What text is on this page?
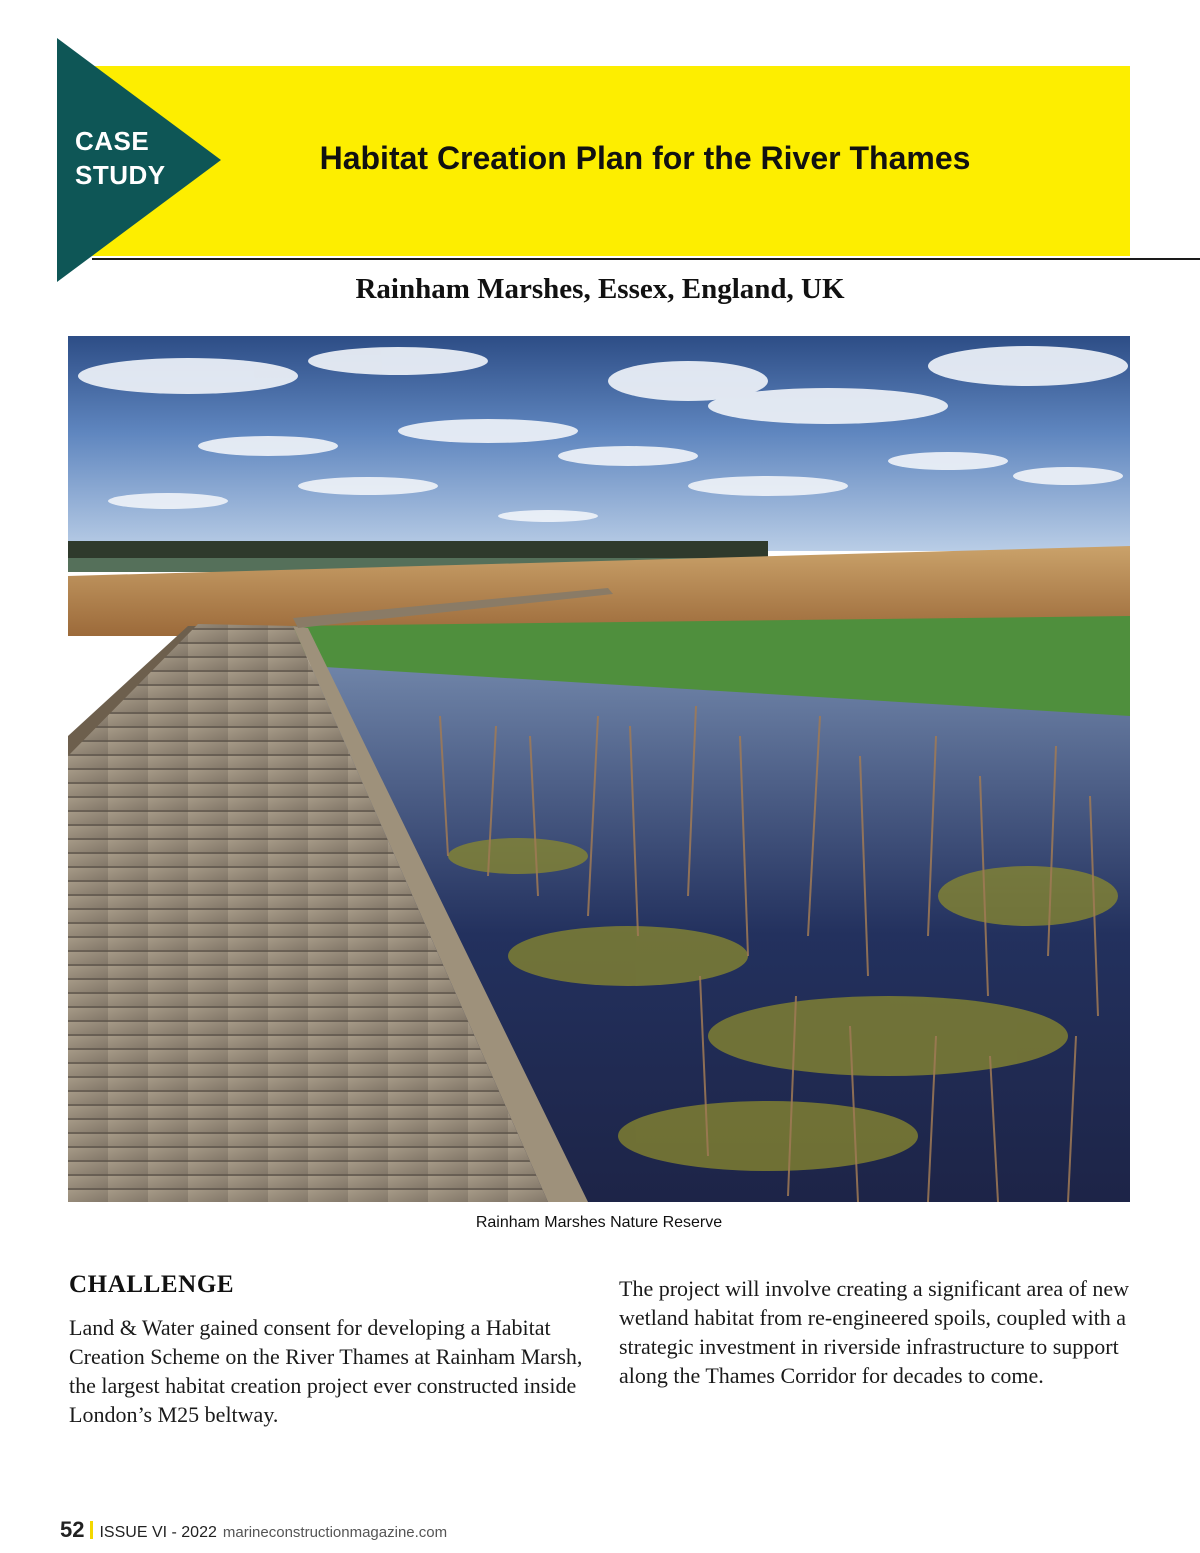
CASE
STUDY	Habitat Creation Plan for the River Thames
Rainham Marshes, Essex, England, UK
Rainham Marshes Nature Reserve
CHALLENGE

Land & Water gained consent for developing a Habitat Creation Scheme on the River Thames at Rainham Marsh, the largest habitat creation project ever constructed inside London’s M25 beltway.

The project will involve creating a significant area of new wetland habitat from re-engineered spoils, coupled with a strategic investment in riverside infrastructure to support along the Thames Corridor for decades to come.

52 ISSUE VI - 2022 marineconstructionmagazine.com
